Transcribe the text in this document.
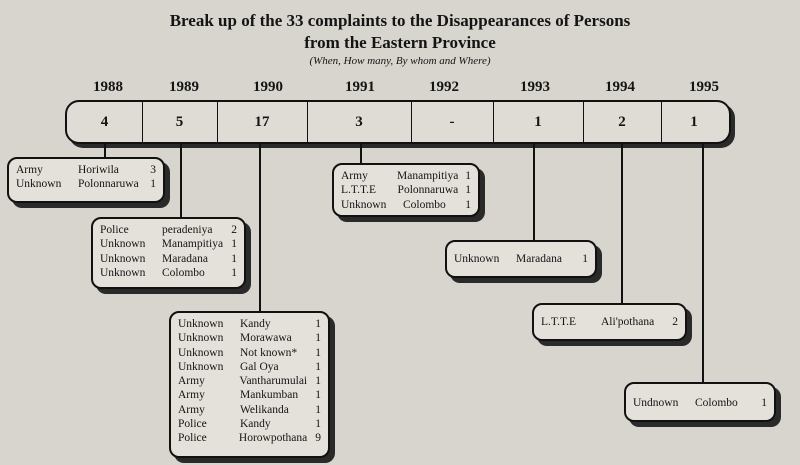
Break up of the 33 complaints to the Disappearances of Persons
from the Eastern Province
(When, How many, By whom and Where)
1988	1989	1990	1991	1992	1993	1994	1995
4	5	17	3	-	1	2	1
Army	Horiwila	3
Unknown	Polonnaruwa	1
Police	peradeniya	2
Unknown	Manampitiya 1
Unknown	Maradana	1
Unknown	Colombo	1
Unknown	Kandy	1
Unknown	Morawawa	1
Unknown	Not known*	1
Unknown	Gal Oya	1
Army	Vantharumulai 1
Army	Mankumban	1
Army	Welikanda	1
Police	Kandy	1
Police	Horowpothana 9
Army	Manampitiya 1
L.T.T.E	Polonnaruwa 1
Unknown	Colombo	1
Unknown	Maradana	1
L.T.T.E	Ali'pothana	2
Undnown	Colombo	1
